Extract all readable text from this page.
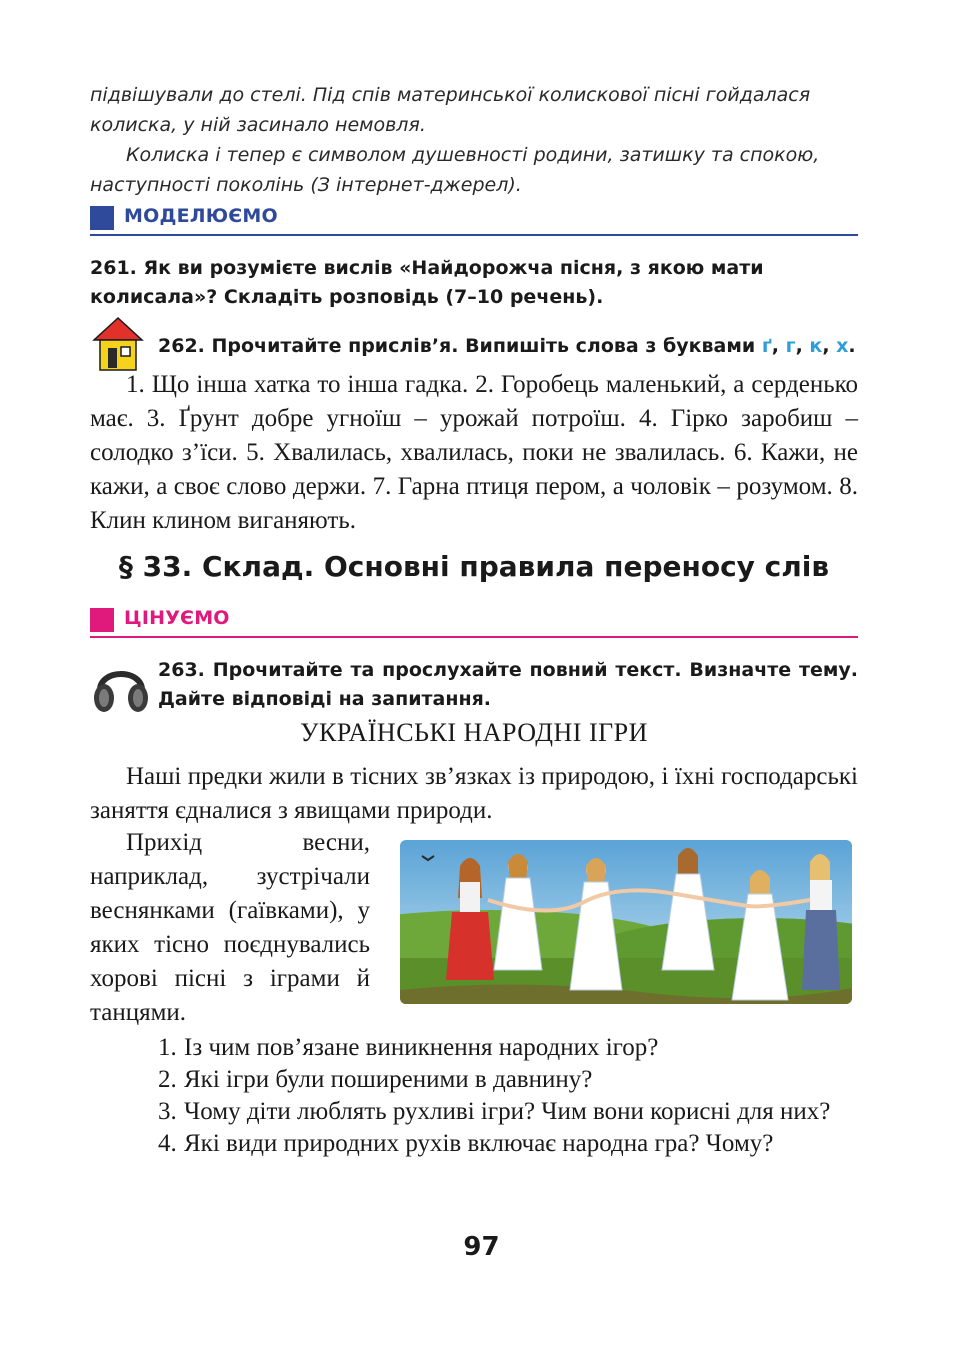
підвішували до стелі. Під спів материнської колискової пісні гойдалася колиска, у ній засинало немовля.

Колиска і тепер є символом душевності родини, затишку та спокою, наступності поколінь (З інтернет-джерел).

МОДЕЛЮЄМО
261. Як ви розумієте вислів «Найдорожча пісня, з якою мати колисала»? Складіть розповідь (7–10 речень).
262. Прочитайте прислів’я. Випишіть слова з буквами ґ, г, к, х.
1. Що інша хатка то інша гадка. 2. Горобець маленький, а серденько має. 3. Ґрунт добре угноїш – урожай потроїш. 4. Гірко заробиш – солодко з’їси. 5. Хвалилась, хвалилась, поки не звалилась. 6. Кажи, не кажи, а своє слово держи. 7. Гарна птиця пером, а чоловік – розумом. 8. Клин клином виганяють.
§ 33. Склад. Основні правила переносу слів
ЦІНУЄМО
263. Прочитайте та прослухайте повний текст. Визначте тему. Дайте відповіді на запитання.
УКРАЇНСЬКІ НАРОДНІ ІГРИ
Наші предки жили в тісних зв’язках із природою, і їхні господарські заняття єдналися з явищами природи.
Прихід весни, наприклад, зустрічали веснянками (гаївками), у яких тісно поєднувались хорові пісні з іграми й танцями.
1. Із чим пов’язане виникнення народних ігор?
2. Які ігри були поширеними в давнину?
3. Чому діти люблять рухливі ігри? Чим вони корисні для них?
4. Які види природних рухів включає народна гра? Чому?
97
